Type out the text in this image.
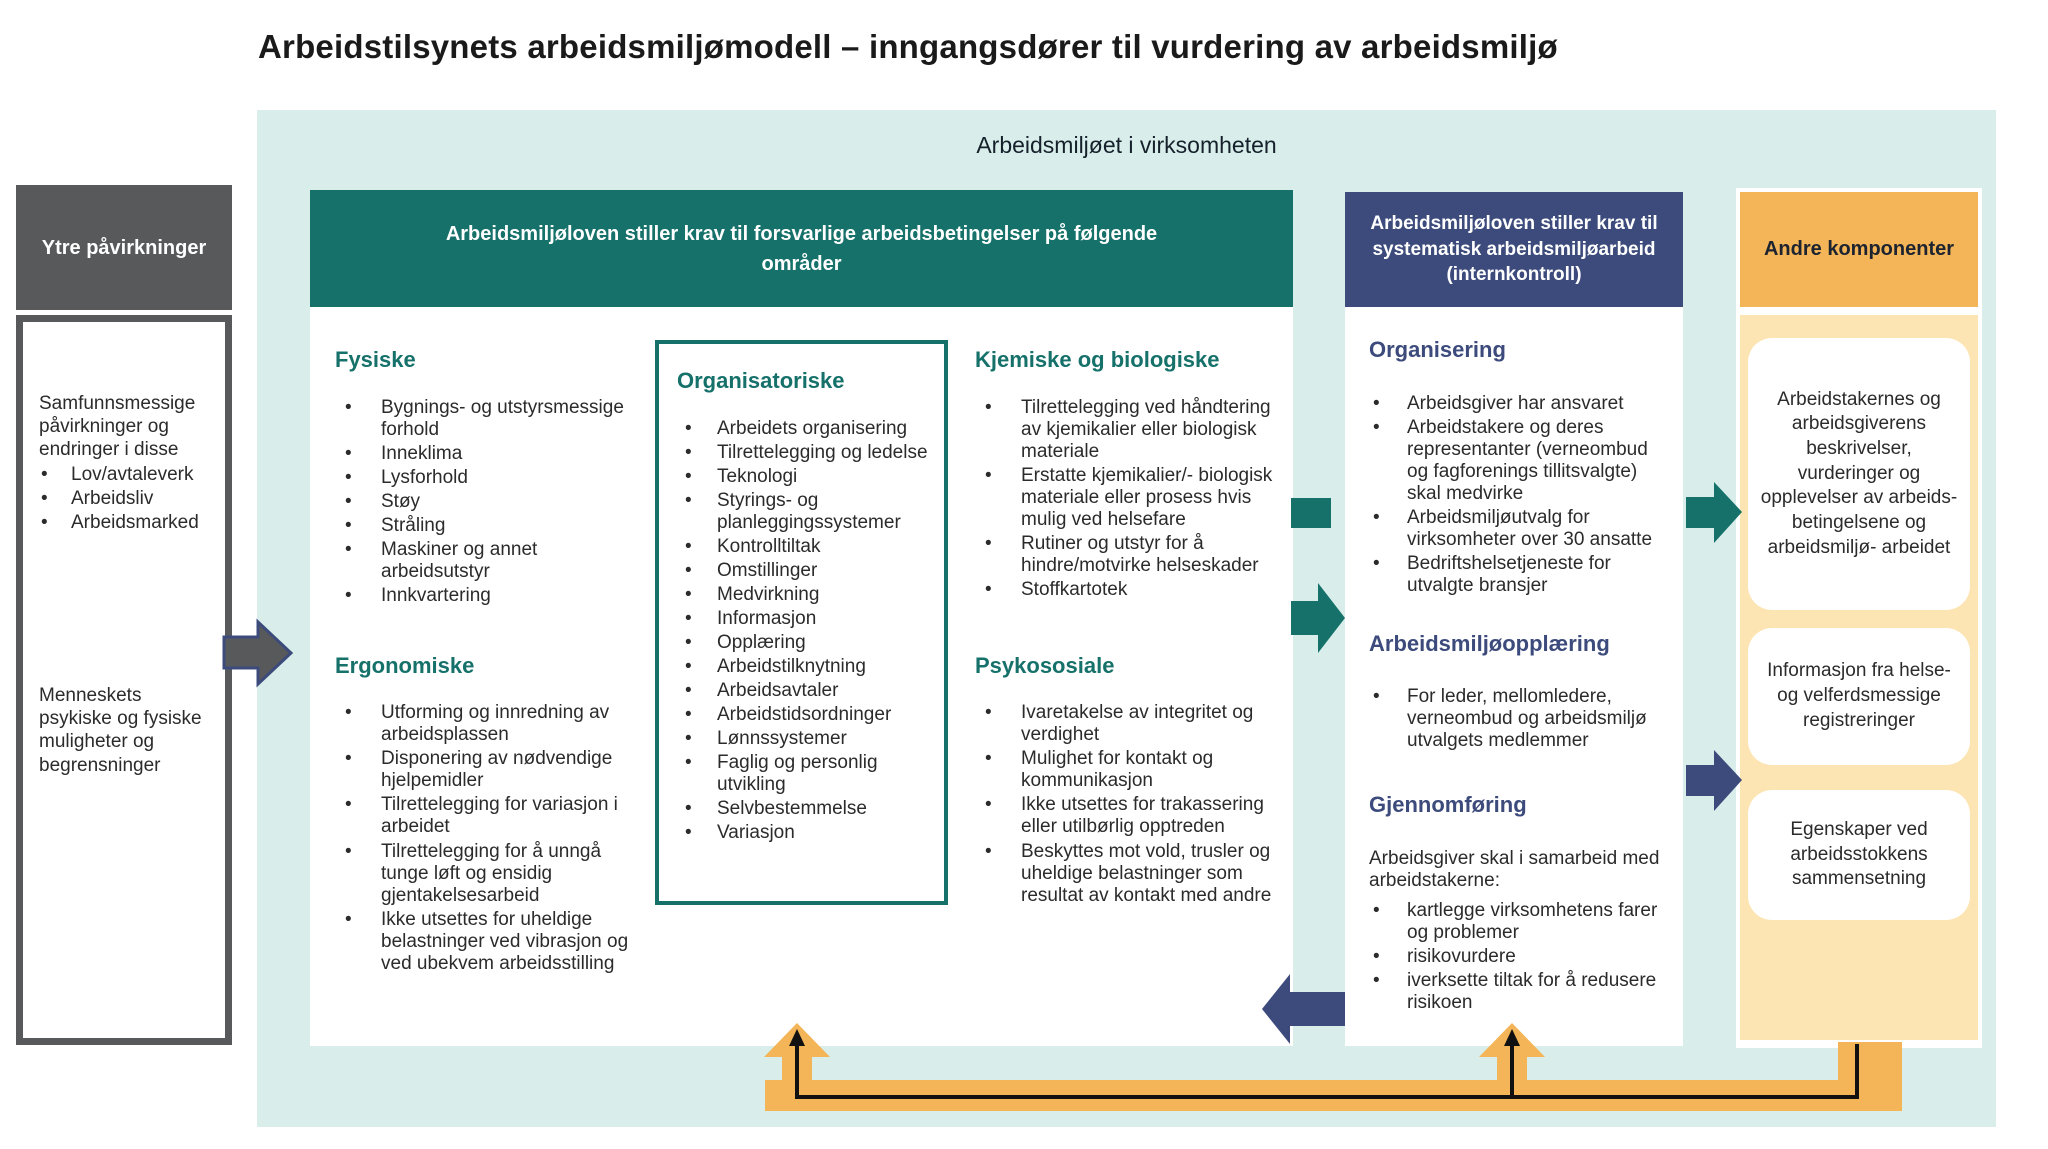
Arbeidstilsynets arbeidsmiljømodell – inngangsdører til vurdering av arbeidsmiljø
Arbeidsmiljøet i virksomheten
Ytre påvirkninger
Samfunnsmessige påvirkninger og endringer i disse
• Lov/avtaleverk
• Arbeidsliv
• Arbeidsmarked
Menneskets psykiske og fysiske muligheter og begrensninger
Arbeidsmiljøloven stiller krav til forsvarlige arbeidsbetingelser på følgende områder
Fysiske
• Bygnings- og utstyrsmessige forhold
• Inneklima
• Lysforhold
• Støy
• Stråling
• Maskiner og annet arbeidsutstyr
• Innkvartering
Ergonomiske
• Utforming og innredning av arbeidsplassen
• Disponering av nødvendige hjelpemidler
• Tilrettelegging for variasjon i arbeidet
• Tilrettelegging for å unngå tunge løft og ensidig gjentakelsesarbeid
• Ikke utsettes for uheldige belastninger ved vibrasjon og ved ubekvem arbeidsstilling
Organisatoriske
• Arbeidets organisering
• Tilrettelegging og ledelse
• Teknologi
• Styrings- og planleggingssystemer
• Kontrolltiltak
• Omstillinger
• Medvirkning
• Informasjon
• Opplæring
• Arbeidstilknytning
• Arbeidsavtaler
• Arbeidstidsordninger
• Lønnssystemer
• Faglig og personlig utvikling
• Selvbestemmelse
• Variasjon
Kjemiske og biologiske
• Tilrettelegging ved håndtering av kjemikalier eller biologisk materiale
• Erstatte kjemikalier/- biologisk materiale eller prosess hvis mulig ved helsefare
• Rutiner og utstyr for å hindre/motvirke helseskader
• Stoffkartotek
Psykososiale
• Ivaretakelse av integritet og verdighet
• Mulighet for kontakt og kommunikasjon
• Ikke utsettes for trakassering eller utilbørlig opptreden
• Beskyttes mot vold, trusler og uheldige belastninger som resultat av kontakt med andre
Arbeidsmiljøloven stiller krav til systematisk arbeidsmiljøarbeid (internkontroll)
Organisering
• Arbeidsgiver har ansvaret
• Arbeidstakere og deres representanter (verneombud og fagforenings tillitsvalgte) skal medvirke
• Arbeidsmiljøutvalg for virksomheter over 30 ansatte
• Bedriftshelsetjeneste for utvalgte bransjer
Arbeidsmiljøopplæring
• For leder, mellomledere, verneombud og arbeidsmiljø utvalgets medlemmer
Gjennomføring

Arbeidsgiver skal i samarbeid med arbeidstakerne:

• kartlegge virksomhetens farer og problemer
• risikovurdere
• iverksette tiltak for å redusere risikoen
Andre komponenter
Arbeidstakernes og arbeidsgiverens beskrivelser, vurderinger og opplevelser av arbeids- betingelsene og arbeidsmiljø- arbeidet
Informasjon fra helse- og velferdsmessige registreringer
Egenskaper ved arbeidsstokkens sammensetning
